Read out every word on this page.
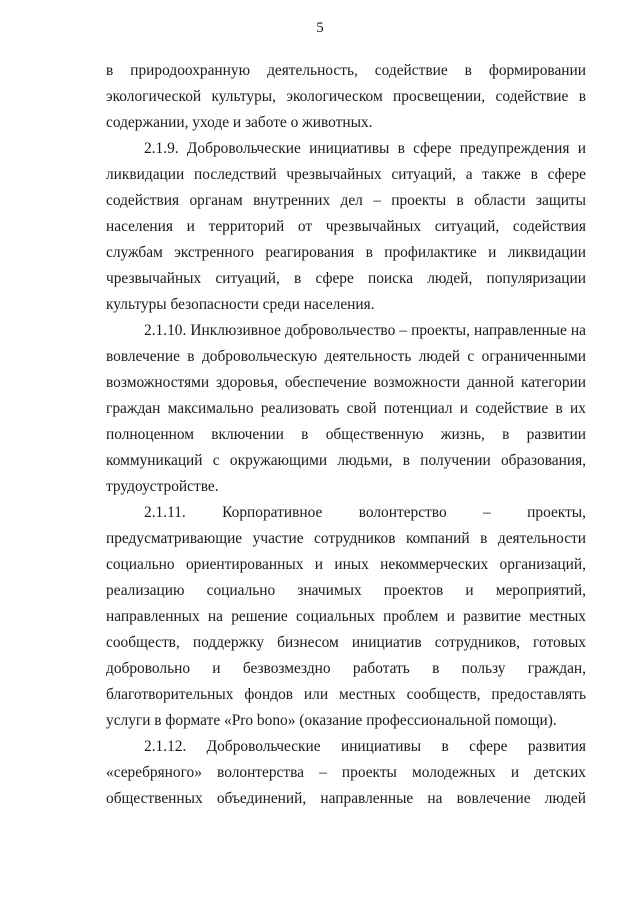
5

в природоохранную деятельность, содействие в формировании экологической культуры, экологическом просвещении, содействие в содержании, уходе и заботе о животных.

2.1.9. Добровольческие инициативы в сфере предупреждения и ликвидации последствий чрезвычайных ситуаций, а также в сфере содействия органам внутренних дел – проекты в области защиты населения и территорий от чрезвычайных ситуаций, содействия службам экстренного реагирования в профилактике и ликвидации чрезвычайных ситуаций, в сфере поиска людей, популяризации культуры безопасности среди населения.

2.1.10. Инклюзивное добровольчество – проекты, направленные на вовлечение в добровольческую деятельность людей с ограниченными возможностями здоровья, обеспечение возможности данной категории граждан максимально реализовать свой потенциал и содействие в их полноценном включении в общественную жизнь, в развитии коммуникаций с окружающими людьми, в получении образования, трудоустройстве.

2.1.11. Корпоративное волонтерство – проекты, предусматривающие участие сотрудников компаний в деятельности социально ориентированных и иных некоммерческих организаций, реализацию социально значимых проектов и мероприятий, направленных на решение социальных проблем и развитие местных сообществ, поддержку бизнесом инициатив сотрудников, готовых добровольно и безвозмездно работать в пользу граждан, благотворительных фондов или местных сообществ, предоставлять услуги в формате «Pro bono» (оказание профессиональной помощи).

2.1.12. Добровольческие инициативы в сфере развития «серебряного» волонтерства – проекты молодежных и детских общественных объединений, направленные на вовлечение людей
